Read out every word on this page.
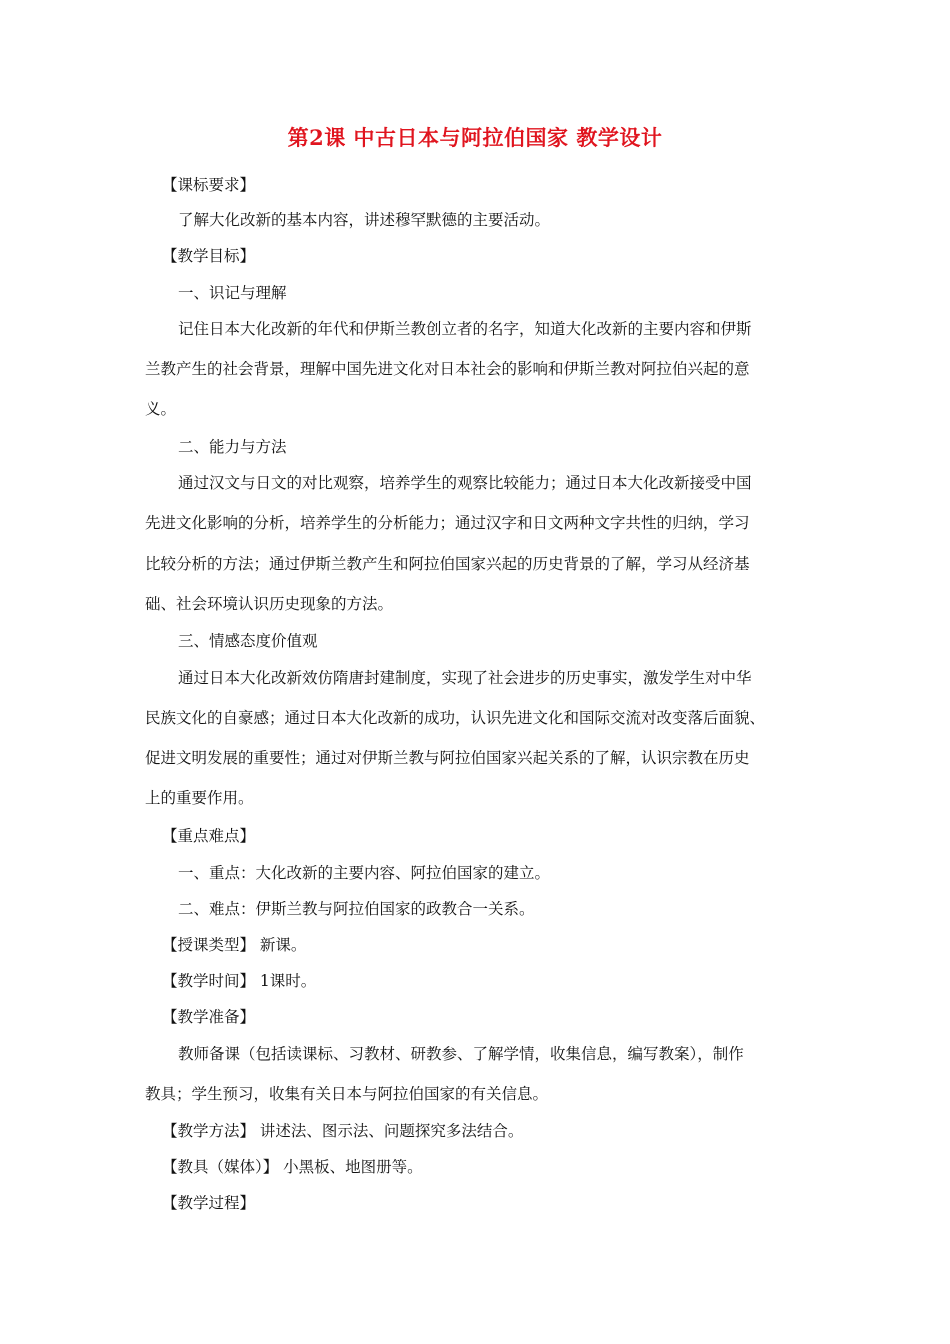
第2课 中古日本与阿拉伯国家 教学设计
【课标要求】
了解大化改新的基本内容，讲述穆罕默德的主要活动。
【教学目标】
一、识记与理解
记住日本大化改新的年代和伊斯兰教创立者的名字，知道大化改新的主要内容和伊斯
兰教产生的社会背景，理解中国先进文化对日本社会的影响和伊斯兰教对阿拉伯兴起的意
义。
二、能力与方法
通过汉文与日文的对比观察，培养学生的观察比较能力；通过日本大化改新接受中国
先进文化影响的分析，培养学生的分析能力；通过汉字和日文两种文字共性的归纳，学习
比较分析的方法；通过伊斯兰教产生和阿拉伯国家兴起的历史背景的了解，学习从经济基
础、社会环境认识历史现象的方法。
三、情感态度价值观
通过日本大化改新效仿隋唐封建制度，实现了社会进步的历史事实，激发学生对中华
民族文化的自豪感；通过日本大化改新的成功，认识先进文化和国际交流对改变落后面貌、
促进文明发展的重要性；通过对伊斯兰教与阿拉伯国家兴起关系的了解，认识宗教在历史
上的重要作用。
【重点难点】
一、重点：大化改新的主要内容、阿拉伯国家的建立。
二、难点：伊斯兰教与阿拉伯国家的政教合一关系。
【授课类型】 新课。
【教学时间】 1课时。
【教学准备】
教师备课（包括读课标、习教材、研教参、了解学情，收集信息，编写教案），制作
教具；学生预习，收集有关日本与阿拉伯国家的有关信息。
【教学方法】 讲述法、图示法、问题探究多法结合。
【教具（媒体）】 小黑板、地图册等。
【教学过程】
